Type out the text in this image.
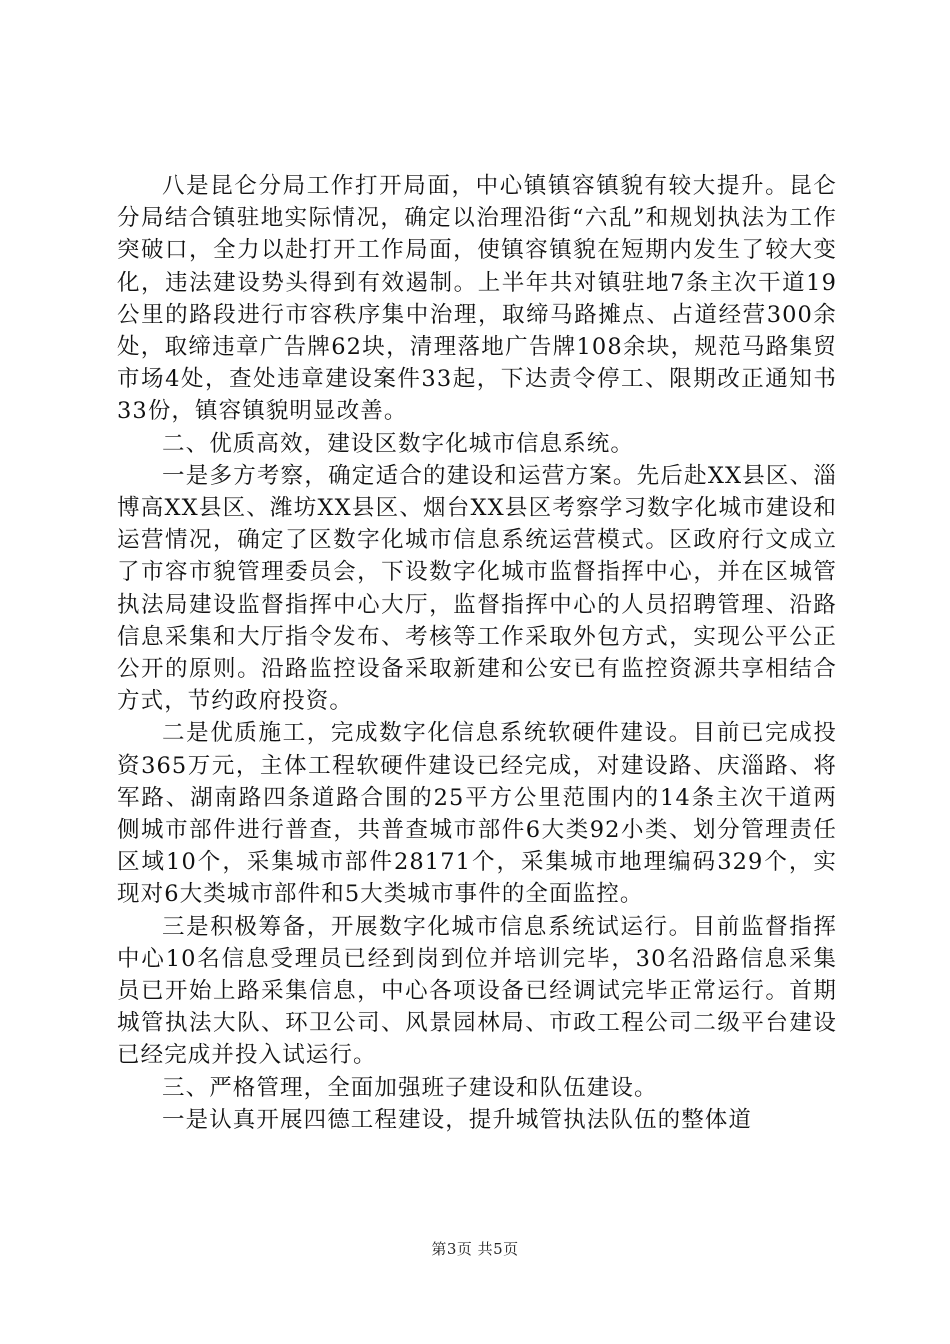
八是昆仑分局工作打开局面，中心镇镇容镇貌有较大提升。昆仑分局结合镇驻地实际情况，确定以治理沿街“六乱”和规划执法为工作突破口，全力以赴打开工作局面，使镇容镇貌在短期内发生了较大变化，违法建设势头得到有效遏制。上半年共对镇驻地7条主次干道19公里的路段进行市容秩序集中治理，取缔马路摊点、占道经营300余处，取缔违章广告牌62块，清理落地广告牌108余块，规范马路集贸市场4处，查处违章建设案件33起，下达责令停工、限期改正通知书33份，镇容镇貌明显改善。

二、优质高效，建设区数字化城市信息系统。

一是多方考察，确定适合的建设和运营方案。先后赴XX县区、淄博高XX县区、潍坊XX县区、烟台XX县区考察学习数字化城市建设和运营情况，确定了区数字化城市信息系统运营模式。区政府行文成立了市容市貌管理委员会，下设数字化城市监督指挥中心，并在区城管执法局建设监督指挥中心大厅，监督指挥中心的人员招聘管理、沿路信息采集和大厅指令发布、考核等工作采取外包方式，实现公平公正公开的原则。沿路监控设备采取新建和公安已有监控资源共享相结合方式，节约政府投资。

二是优质施工，完成数字化信息系统软硬件建设。目前已完成投资365万元，主体工程软硬件建设已经完成，对建设路、庆淄路、将军路、湖南路四条道路合围的25平方公里范围内的14条主次干道两侧城市部件进行普查，共普查城市部件6大类92小类、划分管理责任区域10个，采集城市部件28171个，采集城市地理编码329个，实现对6大类城市部件和5大类城市事件的全面监控。

三是积极筹备，开展数字化城市信息系统试运行。目前监督指挥中心10名信息受理员已经到岗到位并培训完毕，30名沿路信息采集员已开始上路采集信息，中心各项设备已经调试完毕正常运行。首期城管执法大队、环卫公司、风景园林局、市政工程公司二级平台建设已经完成并投入试运行。

三、严格管理，全面加强班子建设和队伍建设。

一是认真开展四德工程建设，提升城管执法队伍的整体道

第3页 共5页
